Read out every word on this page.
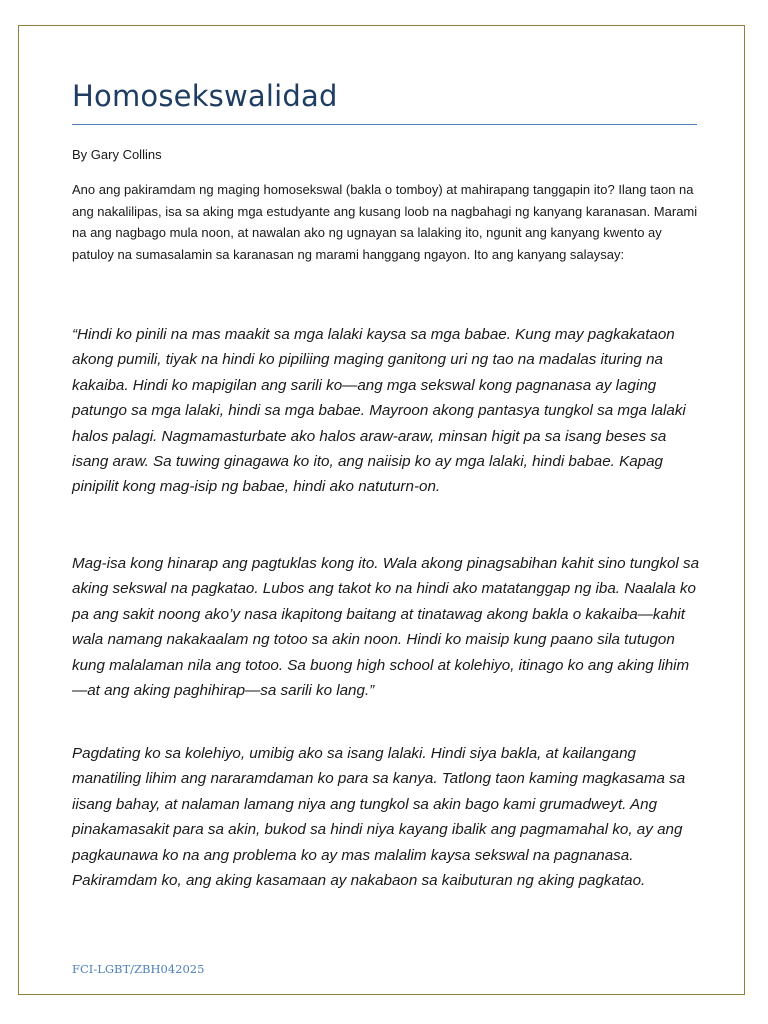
Homosekswalidad

By Gary Collins

Ano ang pakiramdam ng maging homosekswal (bakla o tomboy) at mahirapang tanggapin ito? Ilang taon na ang nakalilipas, isa sa aking mga estudyante ang kusang loob na nagbahagi ng kanyang karanasan. Marami na ang nagbago mula noon, at nawalan ako ng ugnayan sa lalaking ito, ngunit ang kanyang kwento ay patuloy na sumasalamin sa karanasan ng marami hanggang ngayon. Ito ang kanyang salaysay:

“Hindi ko pinili na mas maakit sa mga lalaki kaysa sa mga babae. Kung may pagkakataon akong pumili, tiyak na hindi ko pipiliing maging ganitong uri ng tao na madalas ituring na kakaiba. Hindi ko mapigilan ang sarili ko—ang mga sekswal kong pagnanasa ay laging patungo sa mga lalaki, hindi sa mga babae. Mayroon akong pantasya tungkol sa mga lalaki halos palagi. Nagmamasturbate ako halos araw-araw, minsan higit pa sa isang beses sa isang araw. Sa tuwing ginagawa ko ito, ang naiisip ko ay mga lalaki, hindi babae. Kapag pinipilit kong mag-isip ng babae, hindi ako natuturn-on.

Mag-isa kong hinarap ang pagtuklas kong ito. Wala akong pinagsabihan kahit sino tungkol sa aking sekswal na pagkatao. Lubos ang takot ko na hindi ako matatanggap ng iba. Naalala ko pa ang sakit noong ako’y nasa ikapitong baitang at tinatawag akong bakla o kakaiba—kahit wala namang nakakaalam ng totoo sa akin noon. Hindi ko maisip kung paano sila tutugon kung malalaman nila ang totoo. Sa buong high school at kolehiyo, itinago ko ang aking lihim—at ang aking paghihirap—sa sarili ko lang.”

Pagdating ko sa kolehiyo, umibig ako sa isang lalaki. Hindi siya bakla, at kailangang manatiling lihim ang nararamdaman ko para sa kanya. Tatlong taon kaming magkasama sa iisang bahay, at nalaman lamang niya ang tungkol sa akin bago kami grumadweyt. Ang pinakamasakit para sa akin, bukod sa hindi niya kayang ibalik ang pagmamahal ko, ay ang pagkaunawa ko na ang problema ko ay mas malalim kaysa sekswal na pagnanasa. Pakiramdam ko, ang aking kasamaan ay nakabaon sa kaibuturan ng aking pagkatao.

FCI-LGBT/ZBH042025
